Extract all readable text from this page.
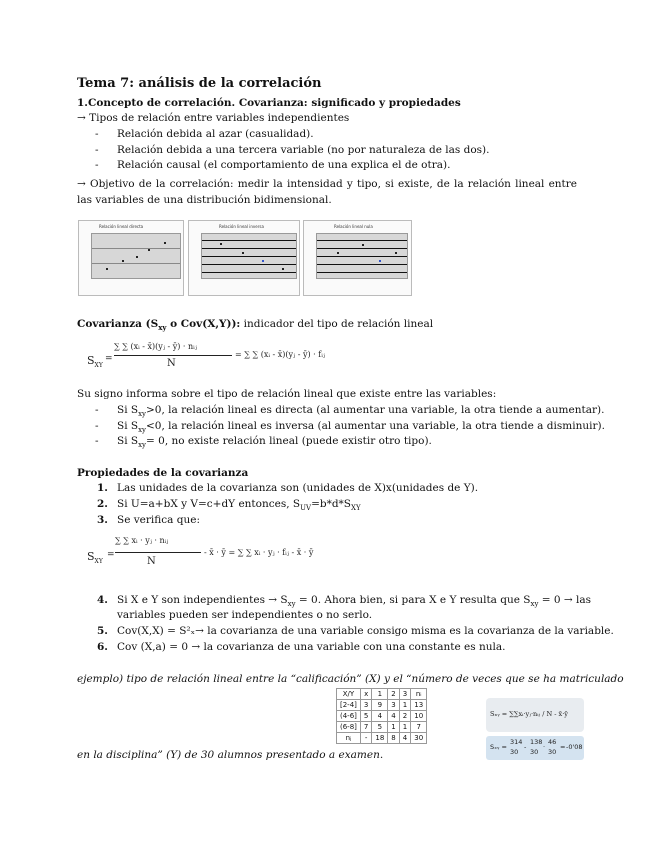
Tema 7: análisis de la correlación
1.Concepto de correlación. Covarianza: significado y propiedades
→ Tipos de relación entre variables independientes
- Relación debida al azar (casualidad).
- Relación debida a una tercera variable (no por naturaleza de las dos).
- Relación causal (el comportamiento de una explica el de otra).
→ Objetivo de la correlación: medir la intensidad y tipo, si existe, de la relación lineal entre las variables de una distribución bidimensional.
Relación lineal directa	Relación lineal inversa	Relación lineal nula
Covarianza ($S_{xy}$ o Cov(X,Y)): indicador del tipo de relación lineal
$S_{XY}$
=
∑ ∑ (xᵢ - x̄)(yⱼ - ȳ) · nᵢⱼ
N
= ∑ ∑ (xᵢ - x̄)(yⱼ - ȳ) · fᵢⱼ
Su signo informa sobre el tipo de relación lineal que existe entre las variables:
- Si $S_{xy}>0$, la relación lineal es directa (al aumentar una variable, la otra tiende a aumentar).
- Si $S_{xy}<0$, la relación lineal es inversa (al aumentar una variable, la otra tiende a disminuir).
- Si $S_{xy}= 0$, no existe relación lineal (puede existir otro tipo).
Propiedades de la covarianza
1. Las unidades de la covarianza son (unidades de X)x(unidades de Y).
2. Si U=a+bX y V=c+dY entonces, $S_{UV}=b*d*S_{XY}$
3. Se verifica que:
$S_{XY}$
=
∑ ∑ xᵢ · yⱼ · nᵢⱼ
N
- x̄ · ȳ = ∑ ∑ xᵢ · yⱼ · fᵢⱼ - x̄ · ȳ
4. Si X e Y son independientes → $S_{xy} = 0$. Ahora bien, si para X e Y resulta que $S_{xy} = 0$ → las
variables pueden ser independientes o no serlo.
5. Cov(X,X) = S²ₓ→ la covarianza de una variable consigo misma es la covarianza de la variable.
6. Cov (X,a) = 0 → la covarianza de una variable con una constante es nula.
ejemplo) tipo de relación lineal entre la “calificación” (X) y el “número de veces que se ha matriculado
X/Y	x	1	2	3	nᵢ
[2-4]	3	9	3	1	13
(4-6]	5	4	4	2	10
(6-8]	7	5	1	1	7
nⱼ	-	18	8	4	30
Sₓᵧ = ∑∑xᵢ·yⱼ·nᵢⱼ / N - x̄·ȳ
Sₓᵧ =
314
30
-
138
30
·
46
30
= -0'08
en la disciplina” (Y) de 30 alumnos presentado a examen.
